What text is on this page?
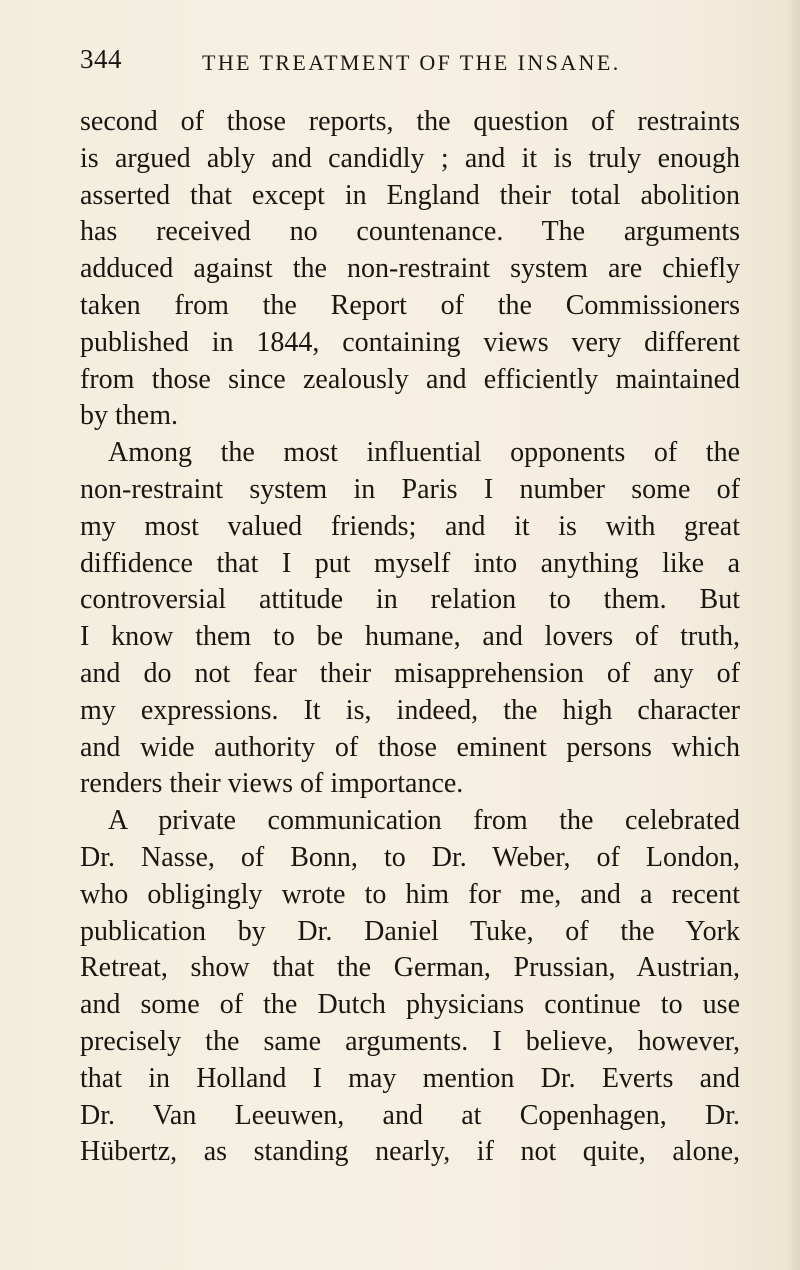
344	THE TREATMENT OF THE INSANE.
second of those reports, the question of restraints
is argued ably and candidly ; and it is truly enough
asserted that except in England their total abolition
has received no countenance. The arguments
adduced against the non-restraint system are chiefly
taken from the Report of the Commissioners
published in 1844, containing views very different
from those since zealously and efficiently maintained
by them.
Among the most influential opponents of the
non-restraint system in Paris I number some of
my most valued friends; and it is with great
diffidence that I put myself into anything like a
controversial attitude in relation to them. But
I know them to be humane, and lovers of truth,
and do not fear their misapprehension of any of
my expressions. It is, indeed, the high character
and wide authority of those eminent persons which
renders their views of importance.
A private communication from the celebrated
Dr. Nasse, of Bonn, to Dr. Weber, of London,
who obligingly wrote to him for me, and a recent
publication by Dr. Daniel Tuke, of the York
Retreat, show that the German, Prussian, Austrian,
and some of the Dutch physicians continue to use
precisely the same arguments. I believe, however,
that in Holland I may mention Dr. Everts and
Dr. Van Leeuwen, and at Copenhagen, Dr.
Hübertz, as standing nearly, if not quite, alone,
